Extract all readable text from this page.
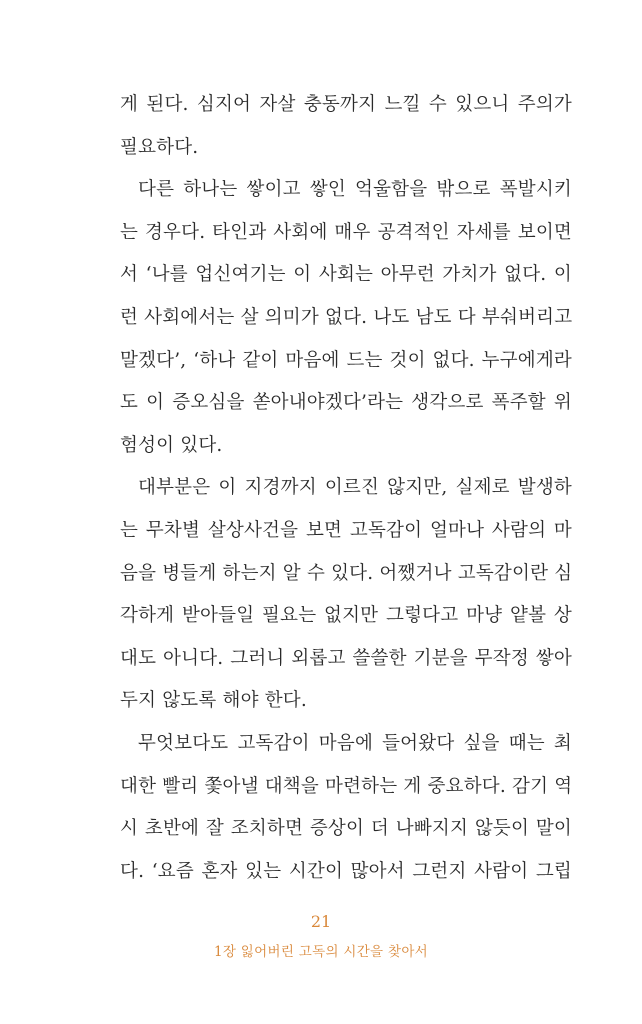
게 된다. 심지어 자살 충동까지 느낄 수 있으니 주의가
필요하다.
다른 하나는 쌓이고 쌓인 억울함을 밖으로 폭발시키
는 경우다. 타인과 사회에 매우 공격적인 자세를 보이면
서 ‘나를 업신여기는 이 사회는 아무런 가치가 없다. 이
런 사회에서는 살 의미가 없다. 나도 남도 다 부숴버리고
말겠다’, ‘하나 같이 마음에 드는 것이 없다. 누구에게라
도 이 증오심을 쏟아내야겠다’라는 생각으로 폭주할 위
험성이 있다.
대부분은 이 지경까지 이르진 않지만, 실제로 발생하
는 무차별 살상사건을 보면 고독감이 얼마나 사람의 마
음을 병들게 하는지 알 수 있다. 어쨌거나 고독감이란 심
각하게 받아들일 필요는 없지만 그렇다고 마냥 얕볼 상
대도 아니다. 그러니 외롭고 쓸쓸한 기분을 무작정 쌓아
두지 않도록 해야 한다.
무엇보다도 고독감이 마음에 들어왔다 싶을 때는 최
대한 빨리 쫓아낼 대책을 마련하는 게 중요하다. 감기 역
시 초반에 잘 조치하면 증상이 더 나빠지지 않듯이 말이
다. ‘요즘 혼자 있는 시간이 많아서 그런지 사람이 그립
21
1장 잃어버린 고독의 시간을 찾아서
